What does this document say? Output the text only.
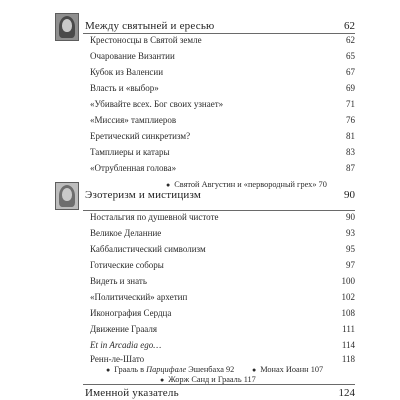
Между святыней и ересью	62
Крестоносцы в Святой земле	62
Очарование Византии	65
Кубок из Валенсии	67
Власть и «выбор»	69
«Убивайте всех. Бог своих узнает»	71
«Миссия» тамплиеров	76
Еретический синкретизм?	81
Тамплиеры и катары	83
«Отрубленная голова»	87
● Святой Августин и «первородный грех» 70
Эзотеризм и мистицизм	90
Ностальгия по душевной чистоте	90
Великое Деланние	93
Каббалистический символизм	95
Готические соборы	97
Видеть и знать	100
«Политический» архетип	102
Иконография Сердца	108
Движение Грааля	111
Et in Arcadia ego…	114
Ренн-ле-Шато	118
● Грааль в Парцифале Эшенбаха 92	● Монах Иоанн 107
● Жорж Санд и Грааль 117
Именной указатель	124
